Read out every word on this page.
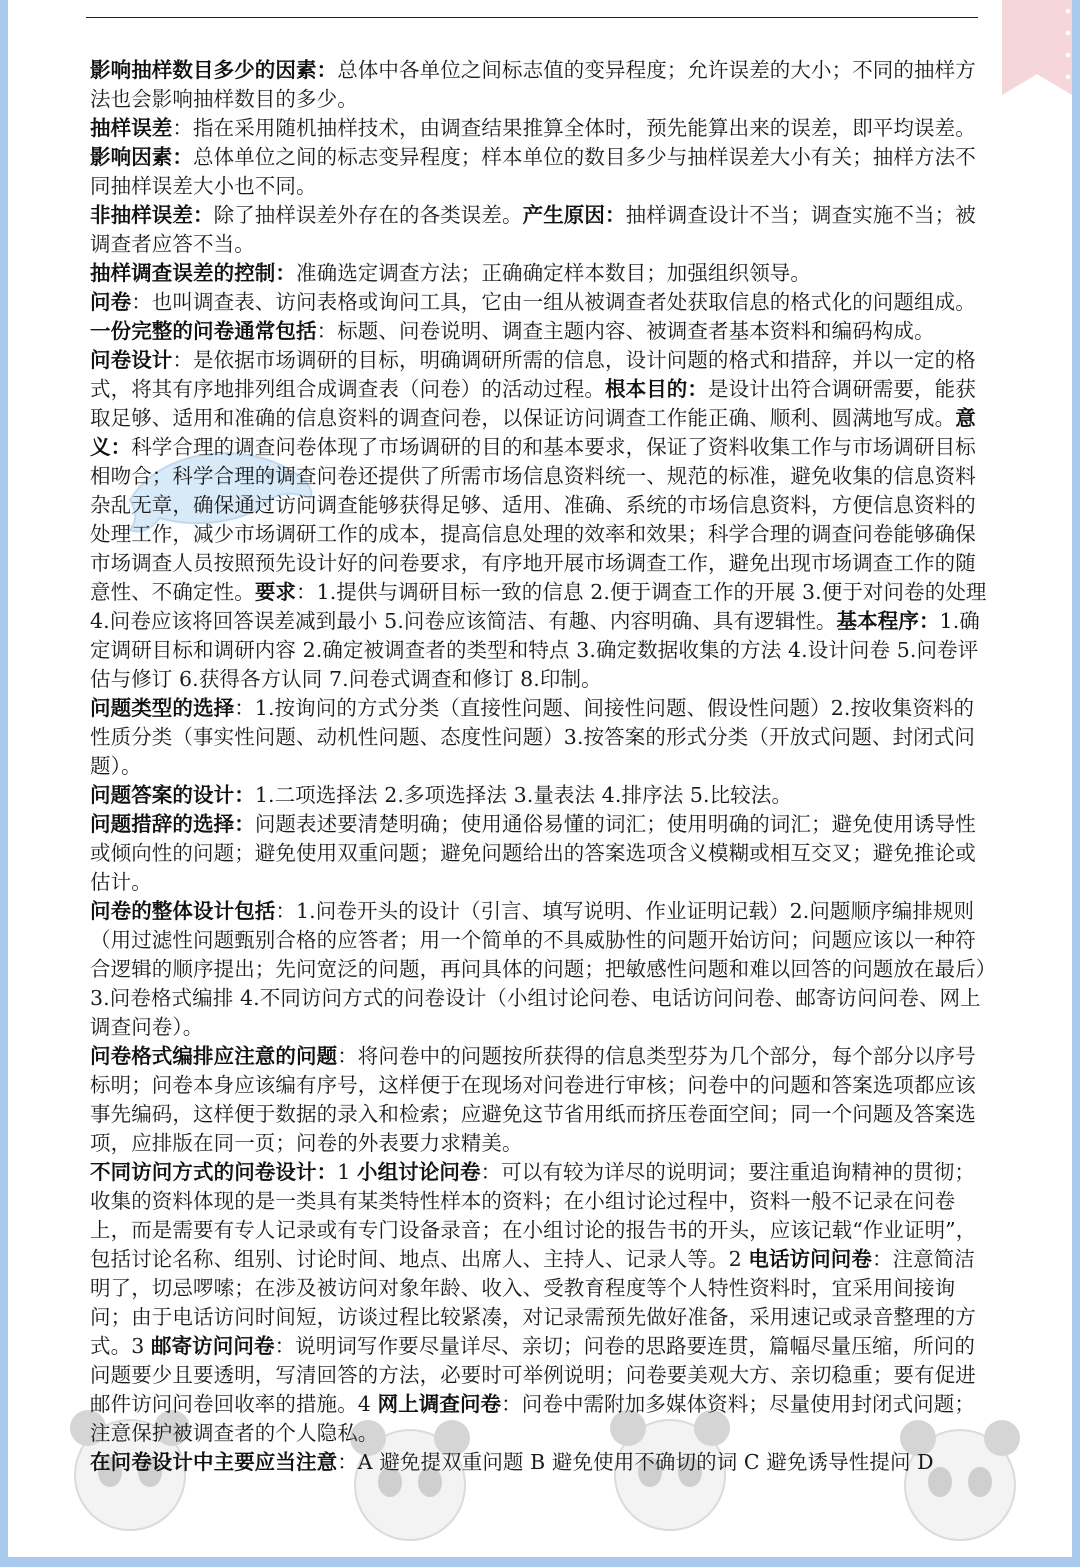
影响抽样数目多少的因素：总体中各单位之间标志值的变异程度；允许误差的大小；不同的抽样方法也会影响抽样数目的多少。

抽样误差：指在采用随机抽样技术，由调查结果推算全体时，预先能算出来的误差，即平均误差。影响因素：总体单位之间的标志变异程度；样本单位的数目多少与抽样误差大小有关；抽样方法不同抽样误差大小也不同。

非抽样误差：除了抽样误差外存在的各类误差。产生原因：抽样调查设计不当；调查实施不当；被调查者应答不当。

抽样调查误差的控制：准确选定调查方法；正确确定样本数目；加强组织领导。

问卷：也叫调查表、访问表格或询问工具，它由一组从被调查者处获取信息的格式化的问题组成。一份完整的问卷通常包括：标题、问卷说明、调查主题内容、被调查者基本资料和编码构成。

问卷设计：是依据市场调研的目标，明确调研所需的信息，设计问题的格式和措辞，并以一定的格式，将其有序地排列组合成调查表（问卷）的活动过程。根本目的：是设计出符合调研需要，能获取足够、适用和准确的信息资料的调查问卷，以保证访问调查工作能正确、顺利、圆满地写成。意义：科学合理的调查问卷体现了市场调研的目的和基本要求，保证了资料收集工作与市场调研目标相吻合；科学合理的调查问卷还提供了所需市场信息资料统一、规范的标准，避免收集的信息资料杂乱无章，确保通过访问调查能够获得足够、适用、准确、系统的市场信息资料，方便信息资料的处理工作，减少市场调研工作的成本，提高信息处理的效率和效果；科学合理的调查问卷能够确保市场调查人员按照预先设计好的问卷要求，有序地开展市场调查工作，避免出现市场调查工作的随意性、不确定性。要求：1.提供与调研目标一致的信息 2.便于调查工作的开展 3.便于对问卷的处理 4.问卷应该将回答误差减到最小 5.问卷应该简洁、有趣、内容明确、具有逻辑性。基本程序：1.确定调研目标和调研内容 2.确定被调查者的类型和特点 3.确定数据收集的方法 4.设计问卷 5.问卷评估与修订 6.获得各方认同 7.问卷式调查和修订 8.印制。

问题类型的选择：1.按询问的方式分类（直接性问题、间接性问题、假设性问题）2.按收集资料的性质分类（事实性问题、动机性问题、态度性问题）3.按答案的形式分类（开放式问题、封闭式问题）。

问题答案的设计：1.二项选择法 2.多项选择法 3.量表法 4.排序法 5.比较法。

问题措辞的选择：问题表述要清楚明确；使用通俗易懂的词汇；使用明确的词汇；避免使用诱导性或倾向性的问题；避免使用双重问题；避免问题给出的答案选项含义模糊或相互交叉；避免推论或估计。

问卷的整体设计包括：1.问卷开头的设计（引言、填写说明、作业证明记载）2.问题顺序编排规则（用过滤性问题甄别合格的应答者；用一个简单的不具威胁性的问题开始访问；问题应该以一种符合逻辑的顺序提出；先问宽泛的问题，再问具体的问题；把敏感性问题和难以回答的问题放在最后）3.问卷格式编排 4.不同访问方式的问卷设计（小组讨论问卷、电话访问问卷、邮寄访问问卷、网上调查问卷）。

问卷格式编排应注意的问题：将问卷中的问题按所获得的信息类型芬为几个部分，每个部分以序号标明；问卷本身应该编有序号，这样便于在现场对问卷进行审核；问卷中的问题和答案选项都应该事先编码，这样便于数据的录入和检索；应避免这节省用纸而挤压卷面空间；同一个问题及答案选项，应排版在同一页；问卷的外表要力求精美。

不同访问方式的问卷设计：1 小组讨论问卷：可以有较为详尽的说明词；要注重追询精神的贯彻；收集的资料体现的是一类具有某类特性样本的资料；在小组讨论过程中，资料一般不记录在问卷上，而是需要有专人记录或有专门设备录音；在小组讨论的报告书的开头，应该记载“作业证明”，包括讨论名称、组别、讨论时间、地点、出席人、主持人、记录人等。2 电话访问问卷：注意简洁明了，切忌啰嗦；在涉及被访问对象年龄、收入、受教育程度等个人特性资料时，宜采用间接询问；由于电话访问时间短，访谈过程比较紧凑，对记录需预先做好准备，采用速记或录音整理的方式。3 邮寄访问问卷：说明词写作要尽量详尽、亲切；问卷的思路要连贯，篇幅尽量压缩，所问的问题要少且要透明，写清回答的方法，必要时可举例说明；问卷要美观大方、亲切稳重；要有促进邮件访问问卷回收率的措施。4 网上调查问卷：问卷中需附加多媒体资料；尽量使用封闭式问题；注意保护被调查者的个人隐私。

在问卷设计中主要应当注意：A 避免提双重问题 B 避免使用不确切的词 C 避免诱导性提问 D
